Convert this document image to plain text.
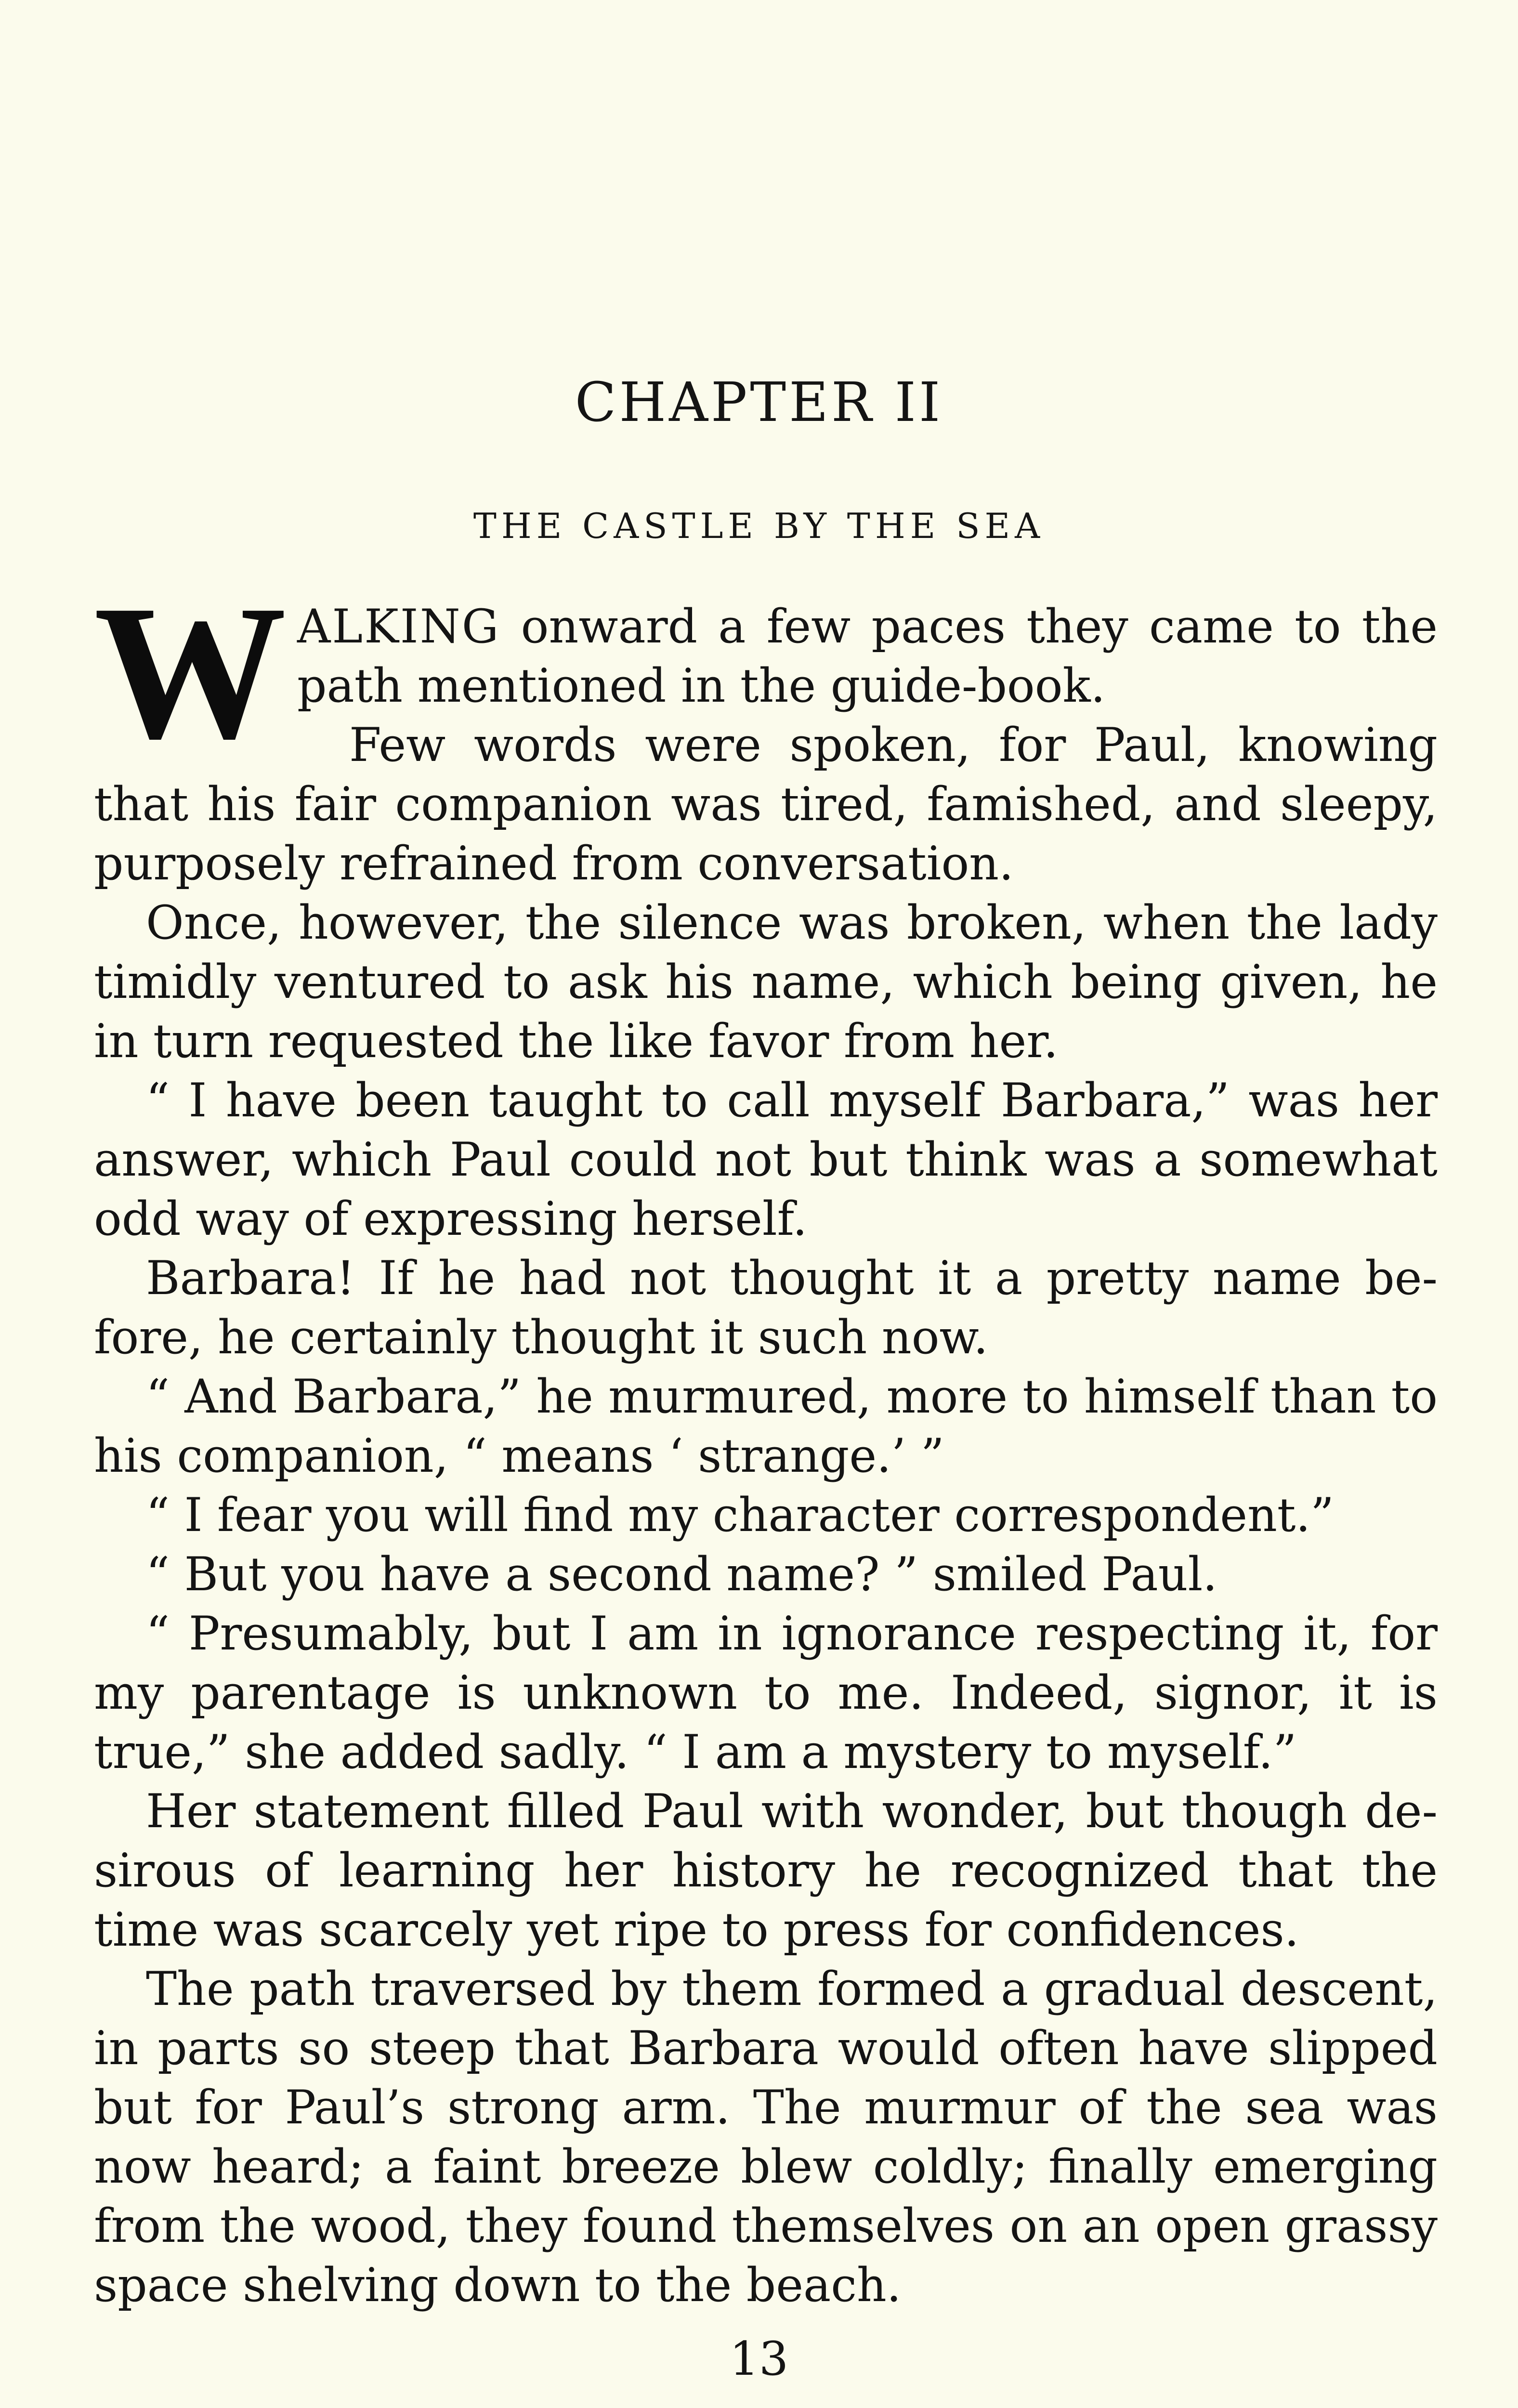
CHAPTER II
THE CASTLE BY THE SEA

WALKING onward a few paces they came to the path mentioned in the guide-book.

Few words were spoken, for Paul, knowing that his fair companion was tired, famished, and sleepy, purposely refrained from conversation.

Once, however, the silence was broken, when the lady timidly ventured to ask his name, which being given, he in turn requested the like favor from her.

“ I have been taught to call myself Barbara,” was her answer, which Paul could not but think was a somewhat odd way of expressing herself.

Barbara! If he had not thought it a pretty name be-fore, he certainly thought it such now.

“ And Barbara,” he murmured, more to himself than to his companion, “ means ‘ strange.’ ”

“ I fear you will find my character correspondent.”

“ But you have a second name? ” smiled Paul.

“ Presumably, but I am in ignorance respecting it, for my parentage is unknown to me. Indeed, signor, it is true,” she added sadly. “ I am a mystery to myself.”

Her statement filled Paul with wonder, but though de-sirous of learning her history he recognized that the time was scarcely yet ripe to press for confidences.

The path traversed by them formed a gradual descent, in parts so steep that Barbara would often have slipped but for Paul’s strong arm. The murmur of the sea was now heard; a faint breeze blew coldly; finally emerging from the wood, they found themselves on an open grassy space shelving down to the beach.

13
